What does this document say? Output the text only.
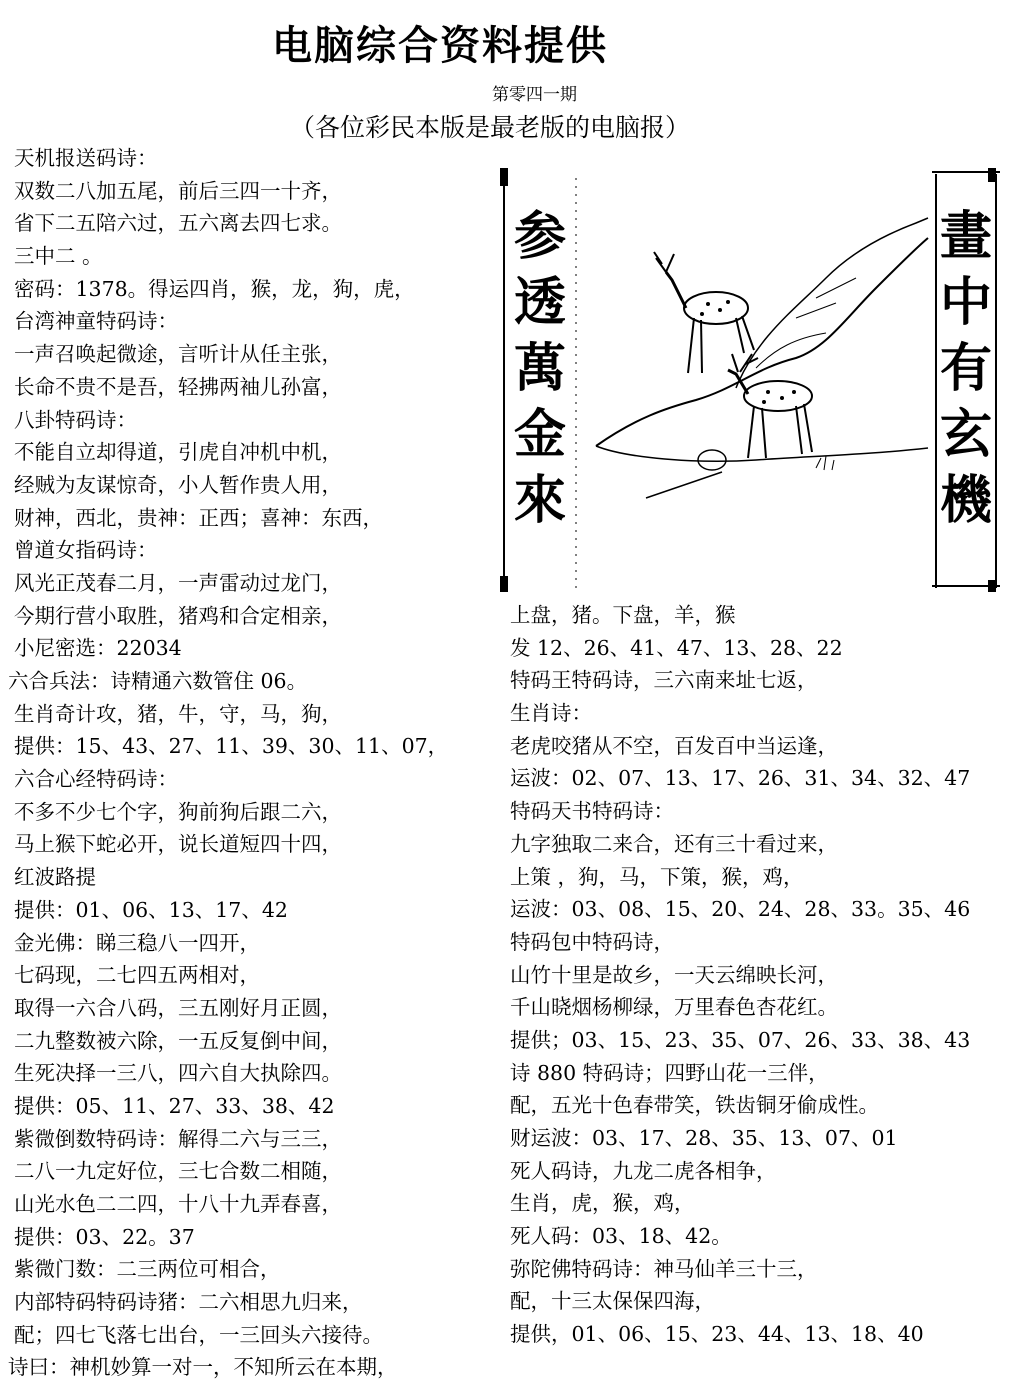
电脑综合资料提供
第零四一期
（各位彩民本版是最老版的电脑报）
天机报送码诗：
双数二八加五尾，前后三四一十齐，
省下二五陪六过，五六离去四七求。
三中二 。
密码：1378。得运四肖，猴，龙，狗，虎，
台湾神童特码诗：
一声召唤起微途，言听计从任主张，
长命不贵不是吾，轻拂两袖儿孙富，
八卦特码诗：
不能自立却得道，引虎自冲机中机，
经贼为友谋惊奇，小人暂作贵人用，
财神，西北，贵神：正西；喜神：东西，
曾道女指码诗：
风光正茂春二月，一声雷动过龙门，
今期行营小取胜，猪鸡和合定相亲，
小尼密选：22034
六合兵法：诗精通六数管住 06。
生肖奇计攻，猪，牛，守，马，狗，
提供：15、43、27、11、39、30、11、07，
六合心经特码诗：
不多不少七个字，狗前狗后跟二六，
马上猴下蛇必开，说长道短四十四，
红波路提
提供：01、06、13、17、42
金光佛：睇三稳八一四开，
七码现，二七四五两相对，
取得一六合八码，三五刚好月正圆，
二九整数被六除，一五反复倒中间，
生死决择一三八，四六自大执除四。
提供：05、11、27、33、38、42
紫微倒数特码诗：解得二六与三三，
二八一九定好位，三七合数二相随，
山光水色二二四，十八十九弄春喜，
提供：03、22。37
紫微门数：二三两位可相合，
内部特码特码诗猪：二六相思九归来，
配；四七飞落七出台，一三回头六接待。
诗曰：神机妙算一对一，不知所云在本期，
参透萬金來
畫中有玄機
上盘，猪。下盘，羊，猴
发 12、26、41、47、13、28、22
特码王特码诗，三六南来址七返，
生肖诗：
老虎咬猪从不空，百发百中当运逢，
运波：02、07、13、17、26、31、34、32、47
特码天书特码诗：
九字独取二来合，还有三十看过来，
上策 ，狗，马，下策，猴，鸡，
运波：03、08、15、20、24、28、33。35、46
特码包中特码诗，
山竹十里是故乡，一天云绵映长河，
千山晓烟杨柳绿，万里春色杏花红。
提供；03、15、23、35、07、26、33、38、43
诗 880 特码诗；四野山花一三伴，
配，五光十色春带笑，铁齿铜牙偷成性。
财运波：03、17、28、35、13、07、01
死人码诗，九龙二虎各相争，
生肖，虎，猴，鸡，
死人码：03、18、42。
弥陀佛特码诗：神马仙羊三十三，
配，十三太保保四海，
提供，01、06、15、23、44、13、18、40
